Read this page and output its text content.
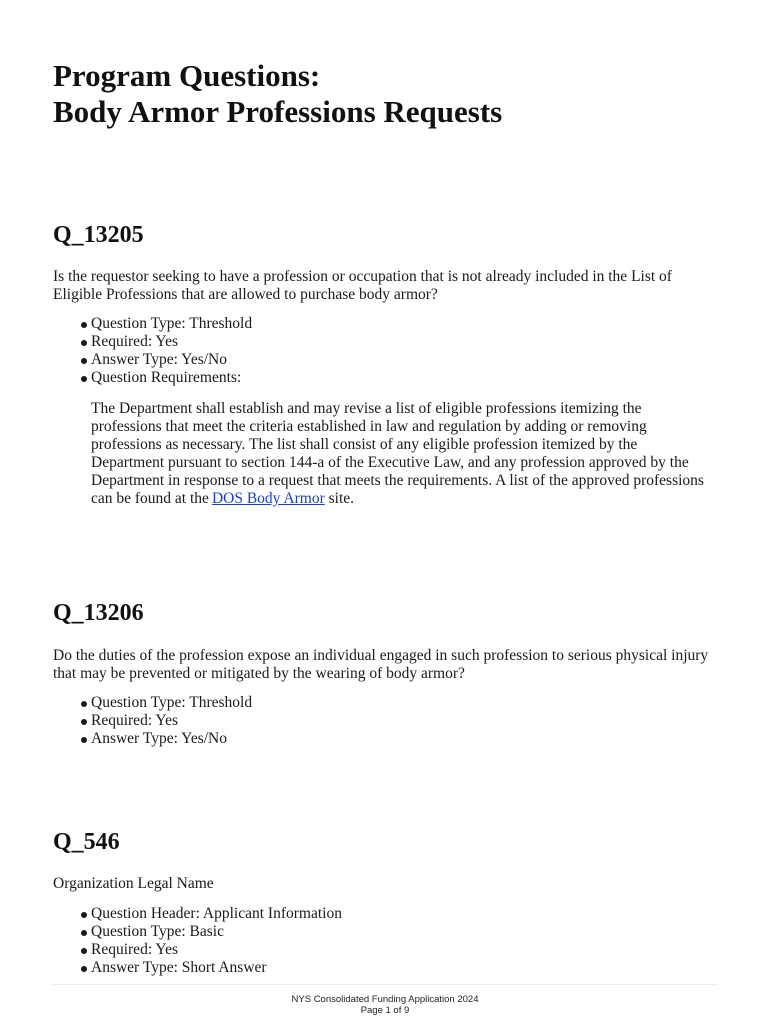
Program Questions:
Body Armor Professions Requests
Q_13205

Is the requestor seeking to have a profession or occupation that is not already included in the List of Eligible Professions that are allowed to purchase body armor?

Question Type: Threshold
Required: Yes
Answer Type: Yes/No
Question Requirements:

The Department shall establish and may revise a list of eligible professions itemizing the professions that meet the criteria established in law and regulation by adding or removing professions as necessary. The list shall consist of any eligible profession itemized by the Department pursuant to section 144-a of the Executive Law, and any profession approved by the Department in response to a request that meets the requirements. A list of the approved professions can be found at the DOS Body Armor site.

Q_13206

Do the duties of the profession expose an individual engaged in such profession to serious physical injury that may be prevented or mitigated by the wearing of body armor?

Question Type: Threshold
Required: Yes
Answer Type: Yes/No
Q_546

Organization Legal Name

Question Header: Applicant Information
Question Type: Basic
Required: Yes
Answer Type: Short Answer
NYS Consolidated Funding Application 2024
Page 1 of 9
